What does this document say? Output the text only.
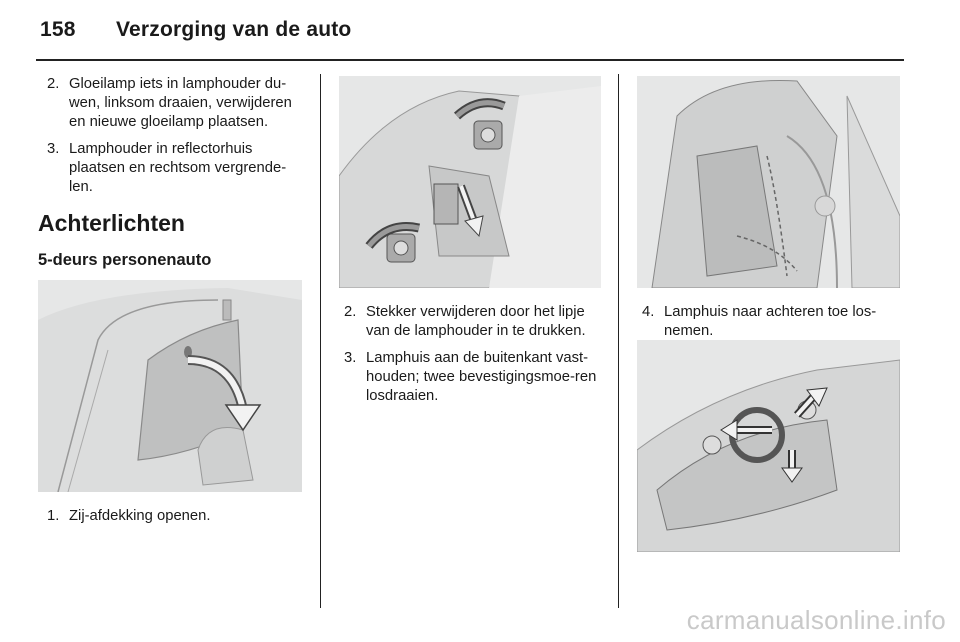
158 Verzorging van de auto
2. Gloeilamp iets in lamphouder du-wen, linksom draaien, verwijderen en nieuwe gloeilamp plaatsen.
3. Lamphouder in reflectorhuis plaatsen en rechtsom vergrende-len.
Achterlichten
5-deurs personenauto
1. Zij-afdekking openen.
2. Stekker verwijderen door het lipje van de lamphouder in te drukken.
3. Lamphuis aan de buitenkant vast-houden; twee bevestigingsmoe-ren losdraaien.
4. Lamphuis naar achteren toe los-nemen.
carmanualsonline.info
